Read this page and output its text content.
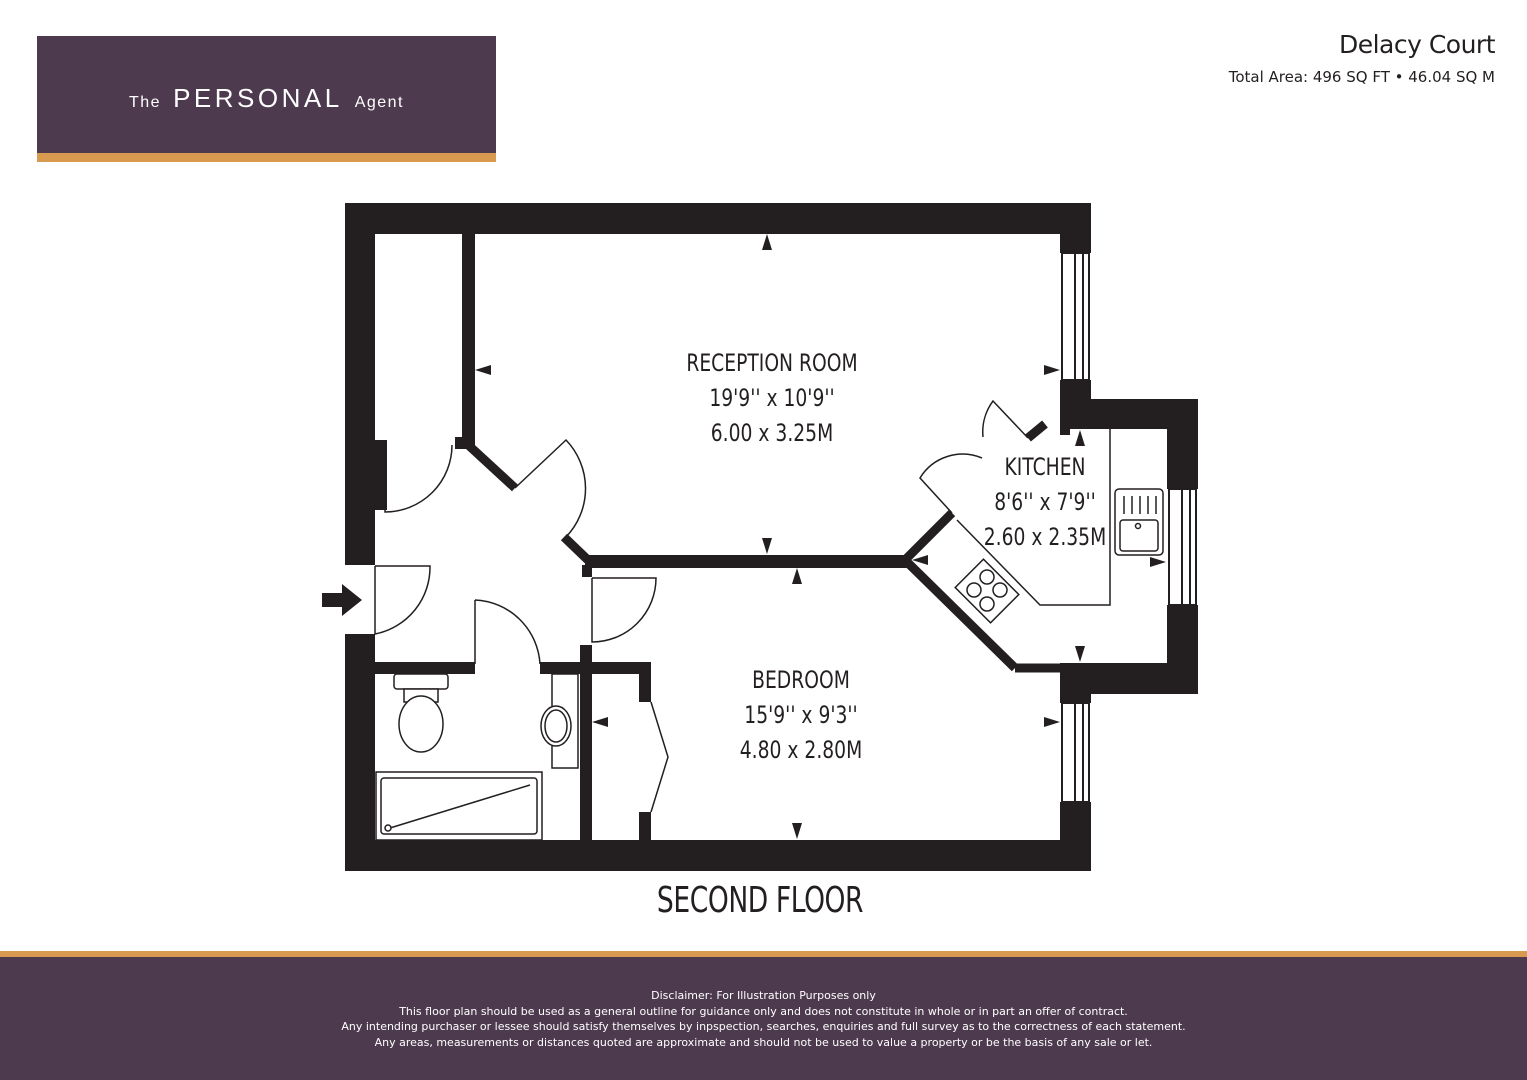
The PERSONAL Agent
Delacy Court
Total Area: 496 SQ FT • 46.04 SQ M
RECEPTION ROOM
19'9'' x 10'9''
6.00 x 3.25M
KITCHEN
8'6'' x 7'9''
2.60 x 2.35M
BEDROOM
15'9'' x 9'3''
4.80 x 2.80M
SECOND FLOOR
Disclaimer: For Illustration Purposes only
This floor plan should be used as a general outline for guidance only and does not constitute in whole or in part an offer of contract.
Any intending purchaser or lessee should satisfy themselves by inpspection, searches, enquiries and full survey as to the correctness of each statement.
Any areas, measurements or distances quoted are approximate and should not be used to value a property or be the basis of any sale or let.
